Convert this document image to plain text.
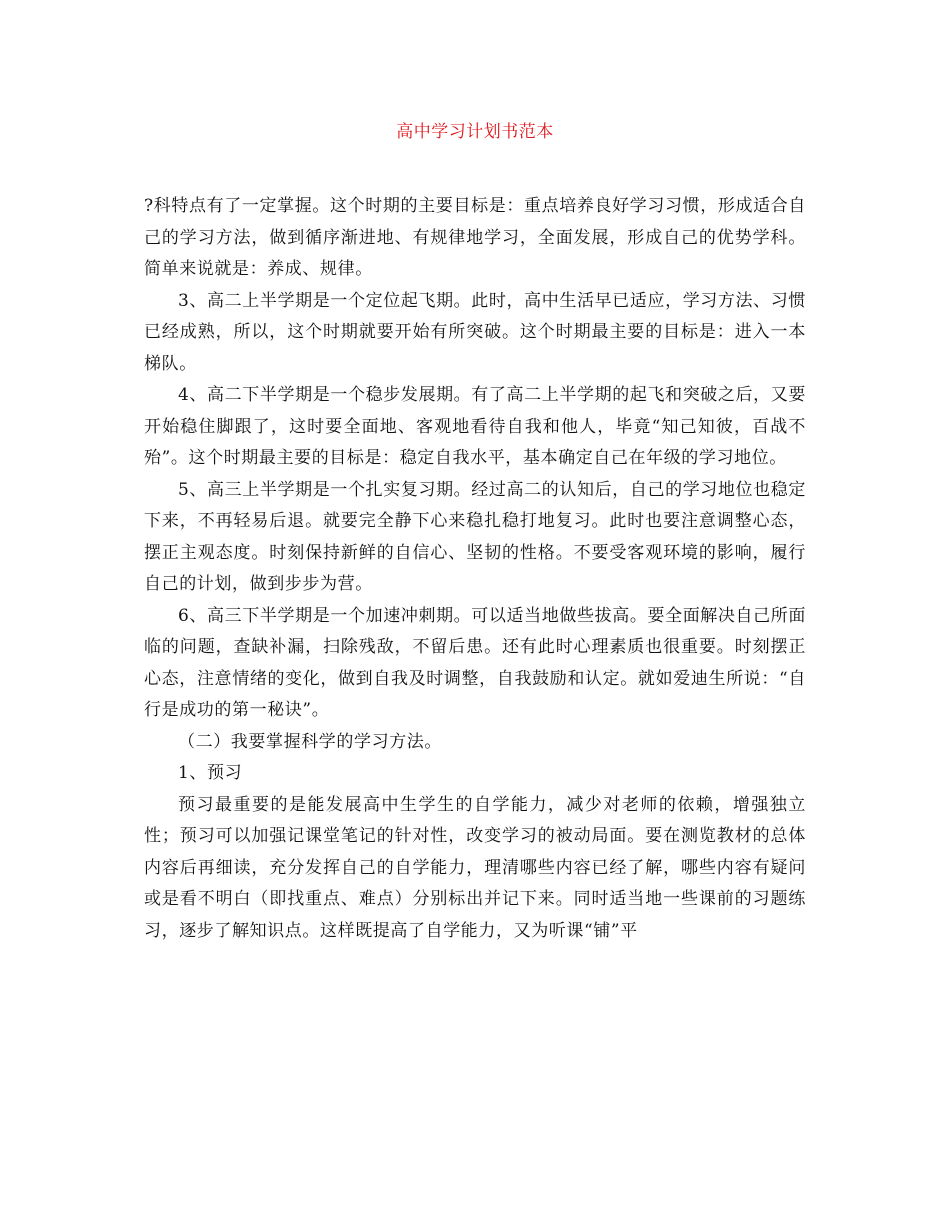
高中学习计划书范本

?科特点有了一定掌握。这个时期的主要目标是：重点培养良好学习习惯，形成适合自己的学习方法，做到循序渐进地、有规律地学习，全面发展，形成自己的优势学科。简单来说就是：养成、规律。

3、高二上半学期是一个定位起飞期。此时，高中生活早已适应，学习方法、习惯已经成熟，所以，这个时期就要开始有所突破。这个时期最主要的目标是：进入一本梯队。

4、高二下半学期是一个稳步发展期。有了高二上半学期的起飞和突破之后，又要开始稳住脚跟了，这时要全面地、客观地看待自我和他人，毕竟“知己知彼，百战不殆”。这个时期最主要的目标是：稳定自我水平，基本确定自己在年级的学习地位。

5、高三上半学期是一个扎实复习期。经过高二的认知后，自己的学习地位也稳定下来，不再轻易后退。就要完全静下心来稳扎稳打地复习。此时也要注意调整心态，摆正主观态度。时刻保持新鲜的自信心、坚韧的性格。不要受客观环境的影响，履行自己的计划，做到步步为营。

6、高三下半学期是一个加速冲刺期。可以适当地做些拔高。要全面解决自己所面临的问题，查缺补漏，扫除残敌，不留后患。还有此时心理素质也很重要。时刻摆正心态，注意情绪的变化，做到自我及时调整，自我鼓励和认定。就如爱迪生所说：“自行是成功的第一秘诀”。

（二）我要掌握科学的学习方法。

1、预习

预习最重要的是能发展高中生学生的自学能力，减少对老师的依赖，增强独立性；预习可以加强记课堂笔记的针对性，改变学习的被动局面。要在测览教材的总体内容后再细读，充分发挥自己的自学能力，理清哪些内容已经了解，哪些内容有疑问或是看不明白（即找重点、难点）分别标出并记下来。同时适当地一些课前的习题练习，逐步了解知识点。这样既提高了自学能力，又为听课“铺”平
